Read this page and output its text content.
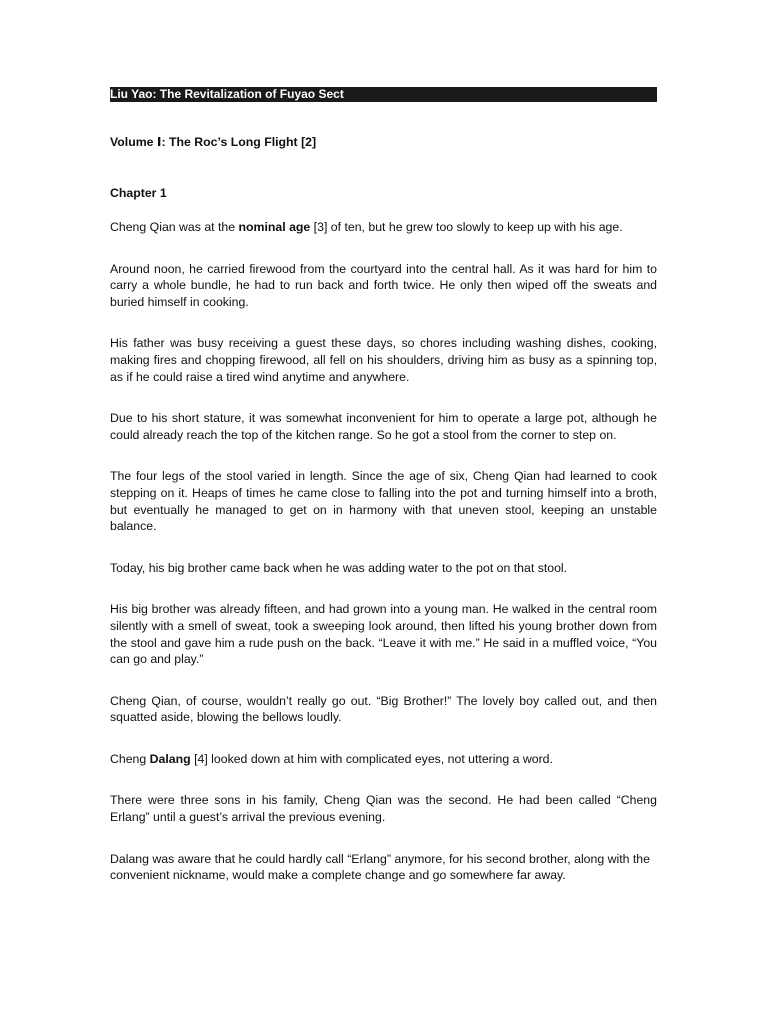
Liu Yao: The Revitalization of Fuyao Sect
Volume Ⅰ: The Roc’s Long Flight [2]
Chapter 1

Cheng Qian was at the nominal age [3] of ten, but he grew too slowly to keep up with his age.

Around noon, he carried firewood from the courtyard into the central hall. As it was hard for him to carry a whole bundle, he had to run back and forth twice. He only then wiped off the sweats and buried himself in cooking.

His father was busy receiving a guest these days, so chores including washing dishes, cooking, making fires and chopping firewood, all fell on his shoulders, driving him as busy as a spinning top, as if he could raise a tired wind anytime and anywhere.

Due to his short stature, it was somewhat inconvenient for him to operate a large pot, although he could already reach the top of the kitchen range. So he got a stool from the corner to step on.

The four legs of the stool varied in length. Since the age of six, Cheng Qian had learned to cook stepping on it. Heaps of times he came close to falling into the pot and turning himself into a broth, but eventually he managed to get on in harmony with that uneven stool, keeping an unstable balance.

Today, his big brother came back when he was adding water to the pot on that stool.

His big brother was already fifteen, and had grown into a young man. He walked in the central room silently with a smell of sweat, took a sweeping look around, then lifted his young brother down from the stool and gave him a rude push on the back. “Leave it with me.” He said in a muffled voice, “You can go and play.”

Cheng Qian, of course, wouldn’t really go out. “Big Brother!” The lovely boy called out, and then squatted aside, blowing the bellows loudly.

Cheng Dalang [4] looked down at him with complicated eyes, not uttering a word.

There were three sons in his family, Cheng Qian was the second. He had been called “Cheng Erlang” until a guest’s arrival the previous evening.

Dalang was aware that he could hardly call “Erlang” anymore, for his second brother, along with the convenient nickname, would make a complete change and go somewhere far away.
